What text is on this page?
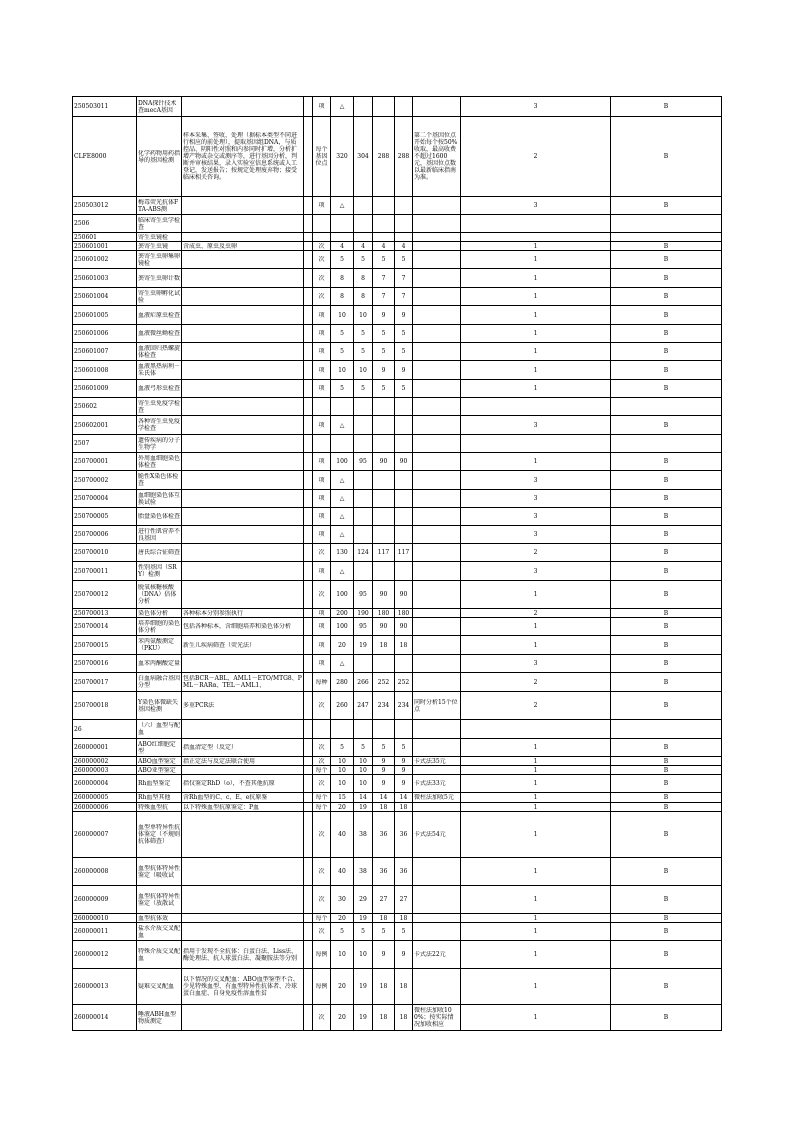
250503011	DNA探针技术查mecA基因			项	△					3	B

CLFE8000	化学药物用药指导的基因检测	样本采集、签收、处理（据标本类型不同进行相应的前处理），提取基因组DNA，与质控品、阴阳性对照和内参同时扩增，分析扩增产物或杂交或测序等，进行基因分析，判断并审核结果，录入实验室信息系统或人工登记，发送报告；按规定处理废弃物；接受临床相关咨询。		每个基因位点	320	304	288	288	第二个基因位点开始每个按50%收取，最高收费不超过1600元，基因位点数以最新临床指南为准。	2	B

250503012	梅毒荧光抗体FTA-ABS测			项	△					3	B

2506	临床寄生虫学检查										

250601	寄生虫镜检										

250601001	粪寄生虫镜	含成虫、原虫及虫卵		次	4	4	4	4		1	B

250601002	粪寄生虫卵集卵镜检			次	5	5	5	5		1	B

250601003	粪寄生虫卵计数			次	8	8	7	7		1	B

250601004	寄生虫卵孵化试验			次	8	8	7	7		1	B

250601005	血液疟原虫检查			项	10	10	9	9		1	B

250601006	血液微丝蚴检查			项	5	5	5	5		1	B

250601007	血液回归热螺旋体检查			项	5	5	5	5		1	B

250601008	血液黑热病利－朱氏体			项	10	10	9	9		1	B

250601009	血液弓形虫检查			项	5	5	5	5		1	B

250602	寄生虫免疫学检查										

250602001	各种寄生虫免疫学检查			项	△					3	B

2507	遗传疾病的分子生物学										

250700001	外周血细胞染色体检查			项	100	95	90	90		1	B

250700002	脆性X染色体检查			项	△					3	B

250700004	血细胞染色体互换试验			项	△					3	B

250700005	胎盘染色体检查			项	△					3	B

250700006	进行性肌营养不良基因			项	△					3	B

250700010	唐氏综合征筛查			次	130	124	117	117		2	B

250700011	性别基因（SRY）检测			项	△					3	B

250700012	脱氧核糖核酸（DNA）倍体分析			次	100	95	90	90		1	B

250700013	染色体分析	各种标本分别参照执行		项	200	190	180	180		2	B

250700014	培养细胞的染色体分析	包括各种标本，含细胞培养和染色体分析		项	100	95	90	90		1	B

250700015	苯丙氨酸测定（PKU）	新生儿疾病筛查（荧光法）		项	20	19	18	18		1	B

250700016	血苯丙酮酸定量			项	△					3	B

250700017	白血病融合基因分型	包括BCR－ABL、AML1－ETO/MTG8、PML－RARα、TEL－AML1、		每种	280	266	252	252		2	B

250700018	Y染色体微缺失基因检测	多重PCR法		次	260	247	234	234	同时分析15个位点	2	B

26	（六）血型与配血										

260000001	ABO红细胞定型	指血清定型（反定）		次	5	5	5	5		1	B

260000002	ABO血型鉴定	指正定法与反定法联合使用		次	10	10	9	9	卡式法35元	1	B

260000003	ABO亚型鉴定			每个	10	10	9	9		1	B

260000004	Rh血型鉴定	指仅鉴定RhD（o），不查其他抗原		次	10	10	9	9	卡式法33元	1	B

260000005	Rh血型其他	含Rh血型的C、c、E、e抗原鉴		每个	15	14	14	14	微柱法加收5元	1	B

260000006	特殊血型抗	以下特殊血型抗原鉴定：P血		每个	20	19	18	18		1	B

260000007	血型单特异性抗体鉴定（不规则抗体筛查）			次	40	38	36	36	卡式法54元	1	B

260000008	血型抗体特异性鉴定（吸收试			次	40	38	36	36		1	B

260000009	血型抗体特异性鉴定（放散试			次	30	29	27	27		1	B

260000010	血型抗体效			每个	20	19	18	18		1	B

260000011	盐水介质交叉配血			次	5	5	5	5		1	B

260000012	特殊介质交叉配血	指用于发现不全抗体：白蛋白法、Liss法、酶处理法、抗人球蛋白法、凝聚胺法等分别		每例	10	10	9	9	卡式法22元	1	B

260000013	疑难交叉配血	以下情况的交叉配血：ABO血型鉴型不合、少见特殊血型、有血型特异性抗体者、冷球蛋白血症、自身免疫性溶血性贫		每例	20	19	18	18		1	B

260000014	唾液ABH血型物质测定			次	20	19	18	18	微柱法加收100%；按实际情况加收相应	1	B
